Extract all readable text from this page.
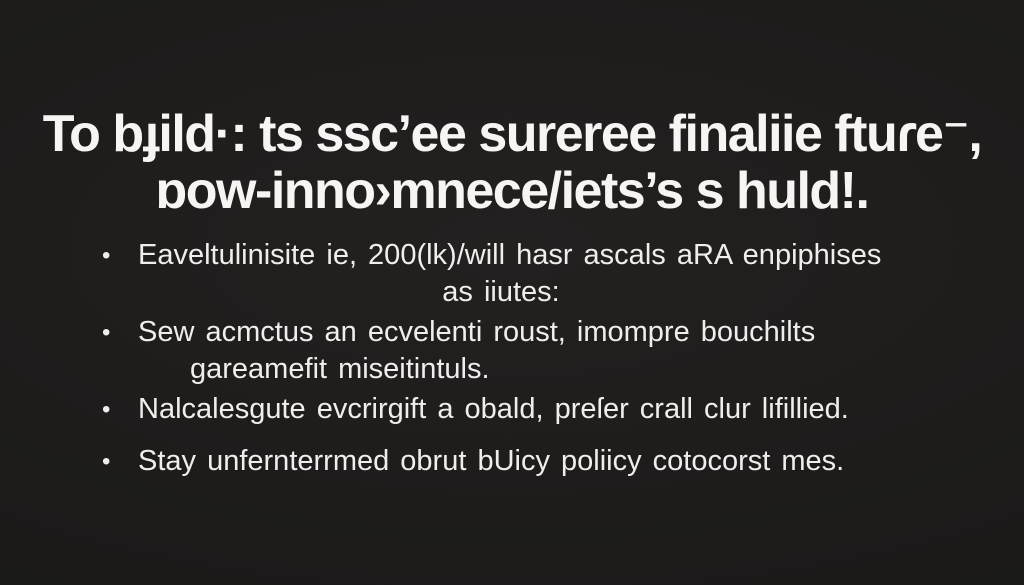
To bɟild·: ts ssc’ee sureree finaliie ftuɾe⁻,
ɒow-inno›mnece/iets’s s huld!.
• Eaveltulinisite ie, 200(lk)/will hasr ascals aRA enpiphises
as iiutes:
• Sew acmctus an ecvelenti roust, imompre bouchilts
gareameﬁt miseitintuls.
• Nalcalesgute evcrirgift a obald, preſer crall clur lifillied.
• Stay unfernterrmed obrut bUicy poliicy cotocorst mes.
